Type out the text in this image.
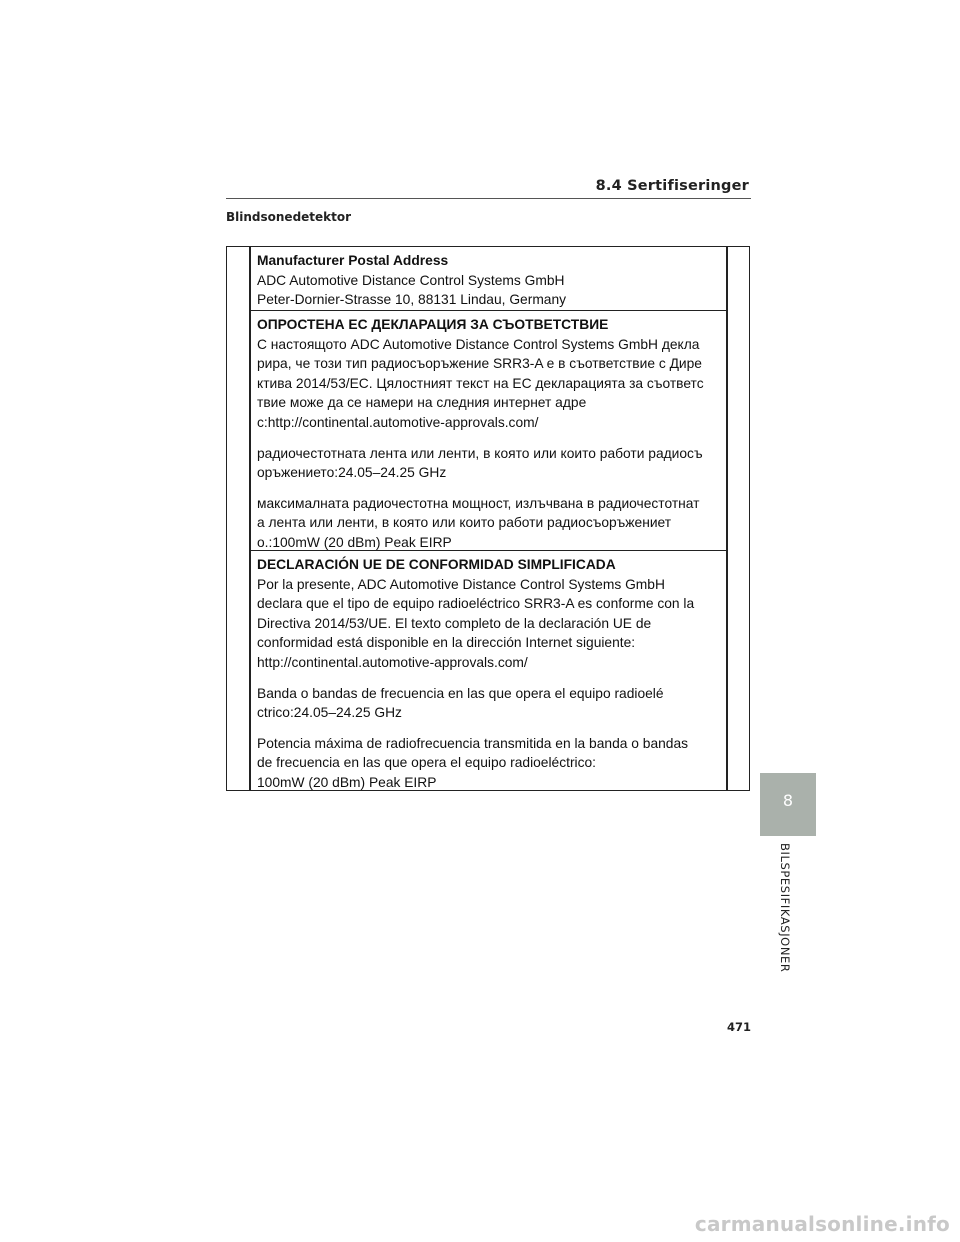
8.4 Sertifiseringer
Blindsonedetektor

Manufacturer Postal Address

ADC Automotive Distance Control Systems GmbH

Peter-Dornier-Strasse 10, 88131 Lindau, Germany

ОПРОСТЕНА ЕС ДЕКЛАРАЦИЯ ЗА СЪОТВЕТСТВИЕ

С настоящото ADC Automotive Distance Control Systems GmbH декла

рира, че този тип радиосъоръжение SRR3-A е в съответствие с Дире

ктива 2014/53/ЕС. Цялостният текст на ЕС декларацията за съответс

твие може да се намери на следния интернет адре

с:http://continental.automotive-approvals.com/

радиочестотната лента или ленти, в която или които работи радиосъ

оръжението:24.05–24.25 GHz

максималната радиочестотна мощност, излъчвана в радиочестотнат

а лента или ленти, в която или които работи радиосъоръжениет

о.:100mW (20 dBm) Peak EIRP

DECLARACIÓN UE DE CONFORMIDAD SIMPLIFICADA

Por la presente, ADC Automotive Distance Control Systems GmbH

declara que el tipo de equipo radioeléctrico SRR3-A es conforme con la

Directiva 2014/53/UE. El texto completo de la declaración UE de

conformidad está disponible en la dirección Internet siguiente:

http://continental.automotive-approvals.com/

Banda o bandas de frecuencia en las que opera el equipo radioelé

ctrico:24.05–24.25 GHz

Potencia máxima de radiofrecuencia transmitida en la banda o bandas

de frecuencia en las que opera el equipo radioeléctrico:

100mW (20 dBm) Peak EIRP

8
BILSPESIFIKASJONER
471
carmanualsonline.info
